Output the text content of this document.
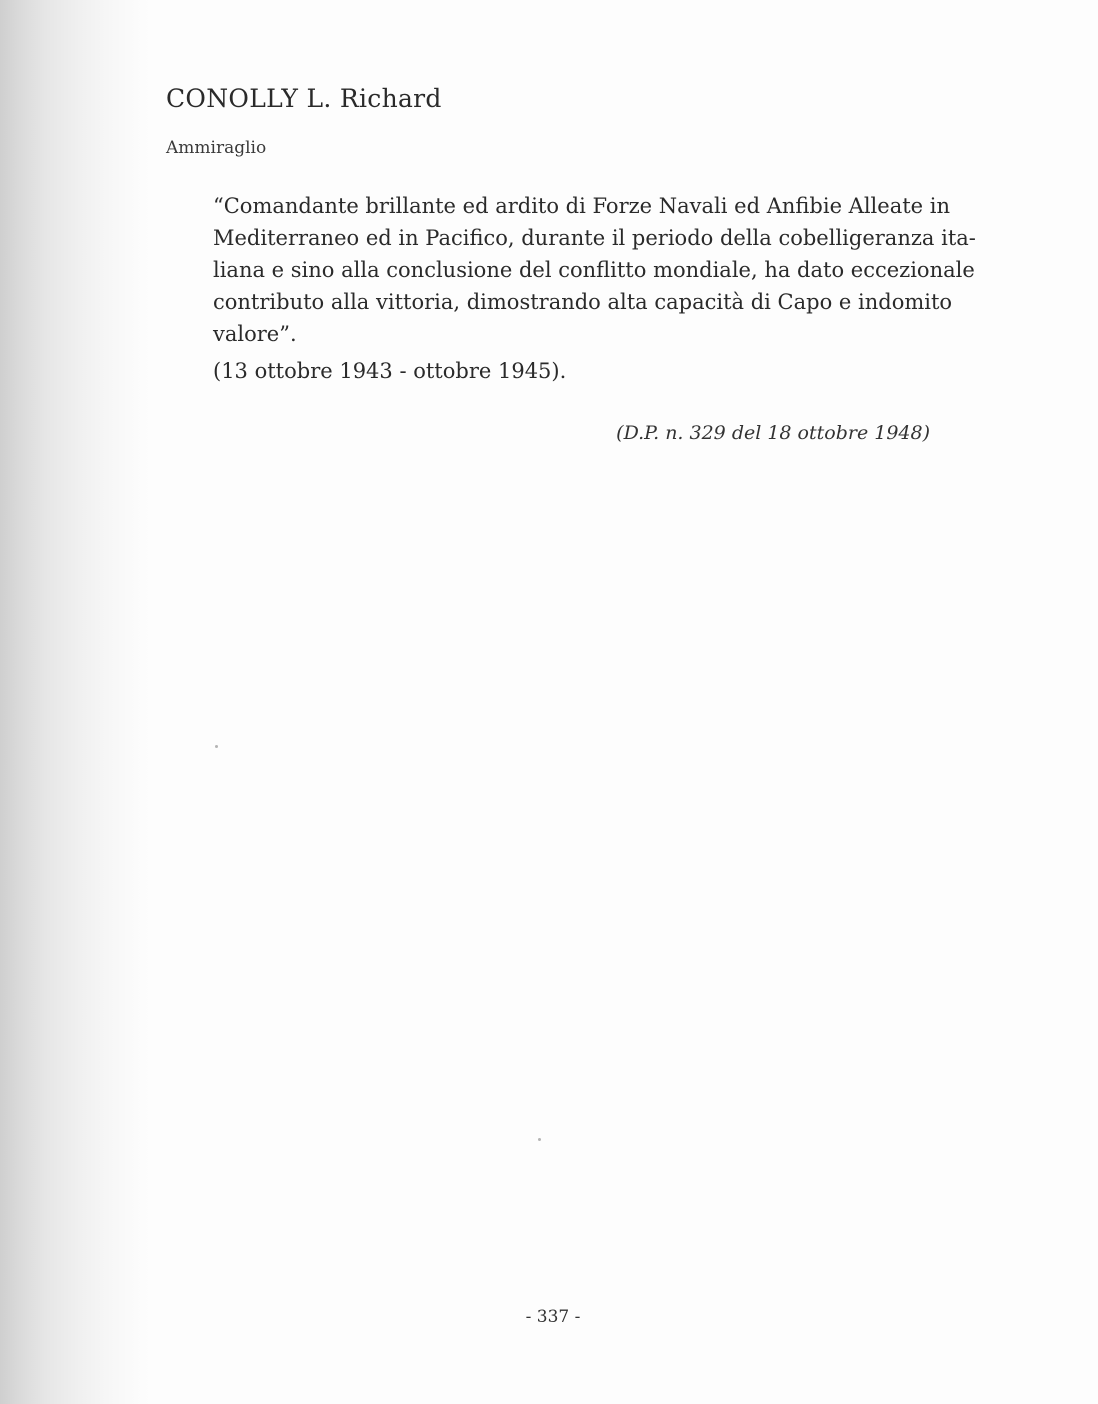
CONOLLY L. Richard
Ammiraglio
“Comandante brillante ed ardito di Forze Navali ed Anfibie Alleate in
Mediterraneo ed in Pacifico, durante il periodo della cobelligeranza ita-
liana e sino alla conclusione del conflitto mondiale, ha dato eccezionale
contributo alla vittoria, dimostrando alta capacità di Capo e indomito
valore”.
(13 ottobre 1943 - ottobre 1945).
(D.P. n. 329 del 18 ottobre 1948)
- 337 -
